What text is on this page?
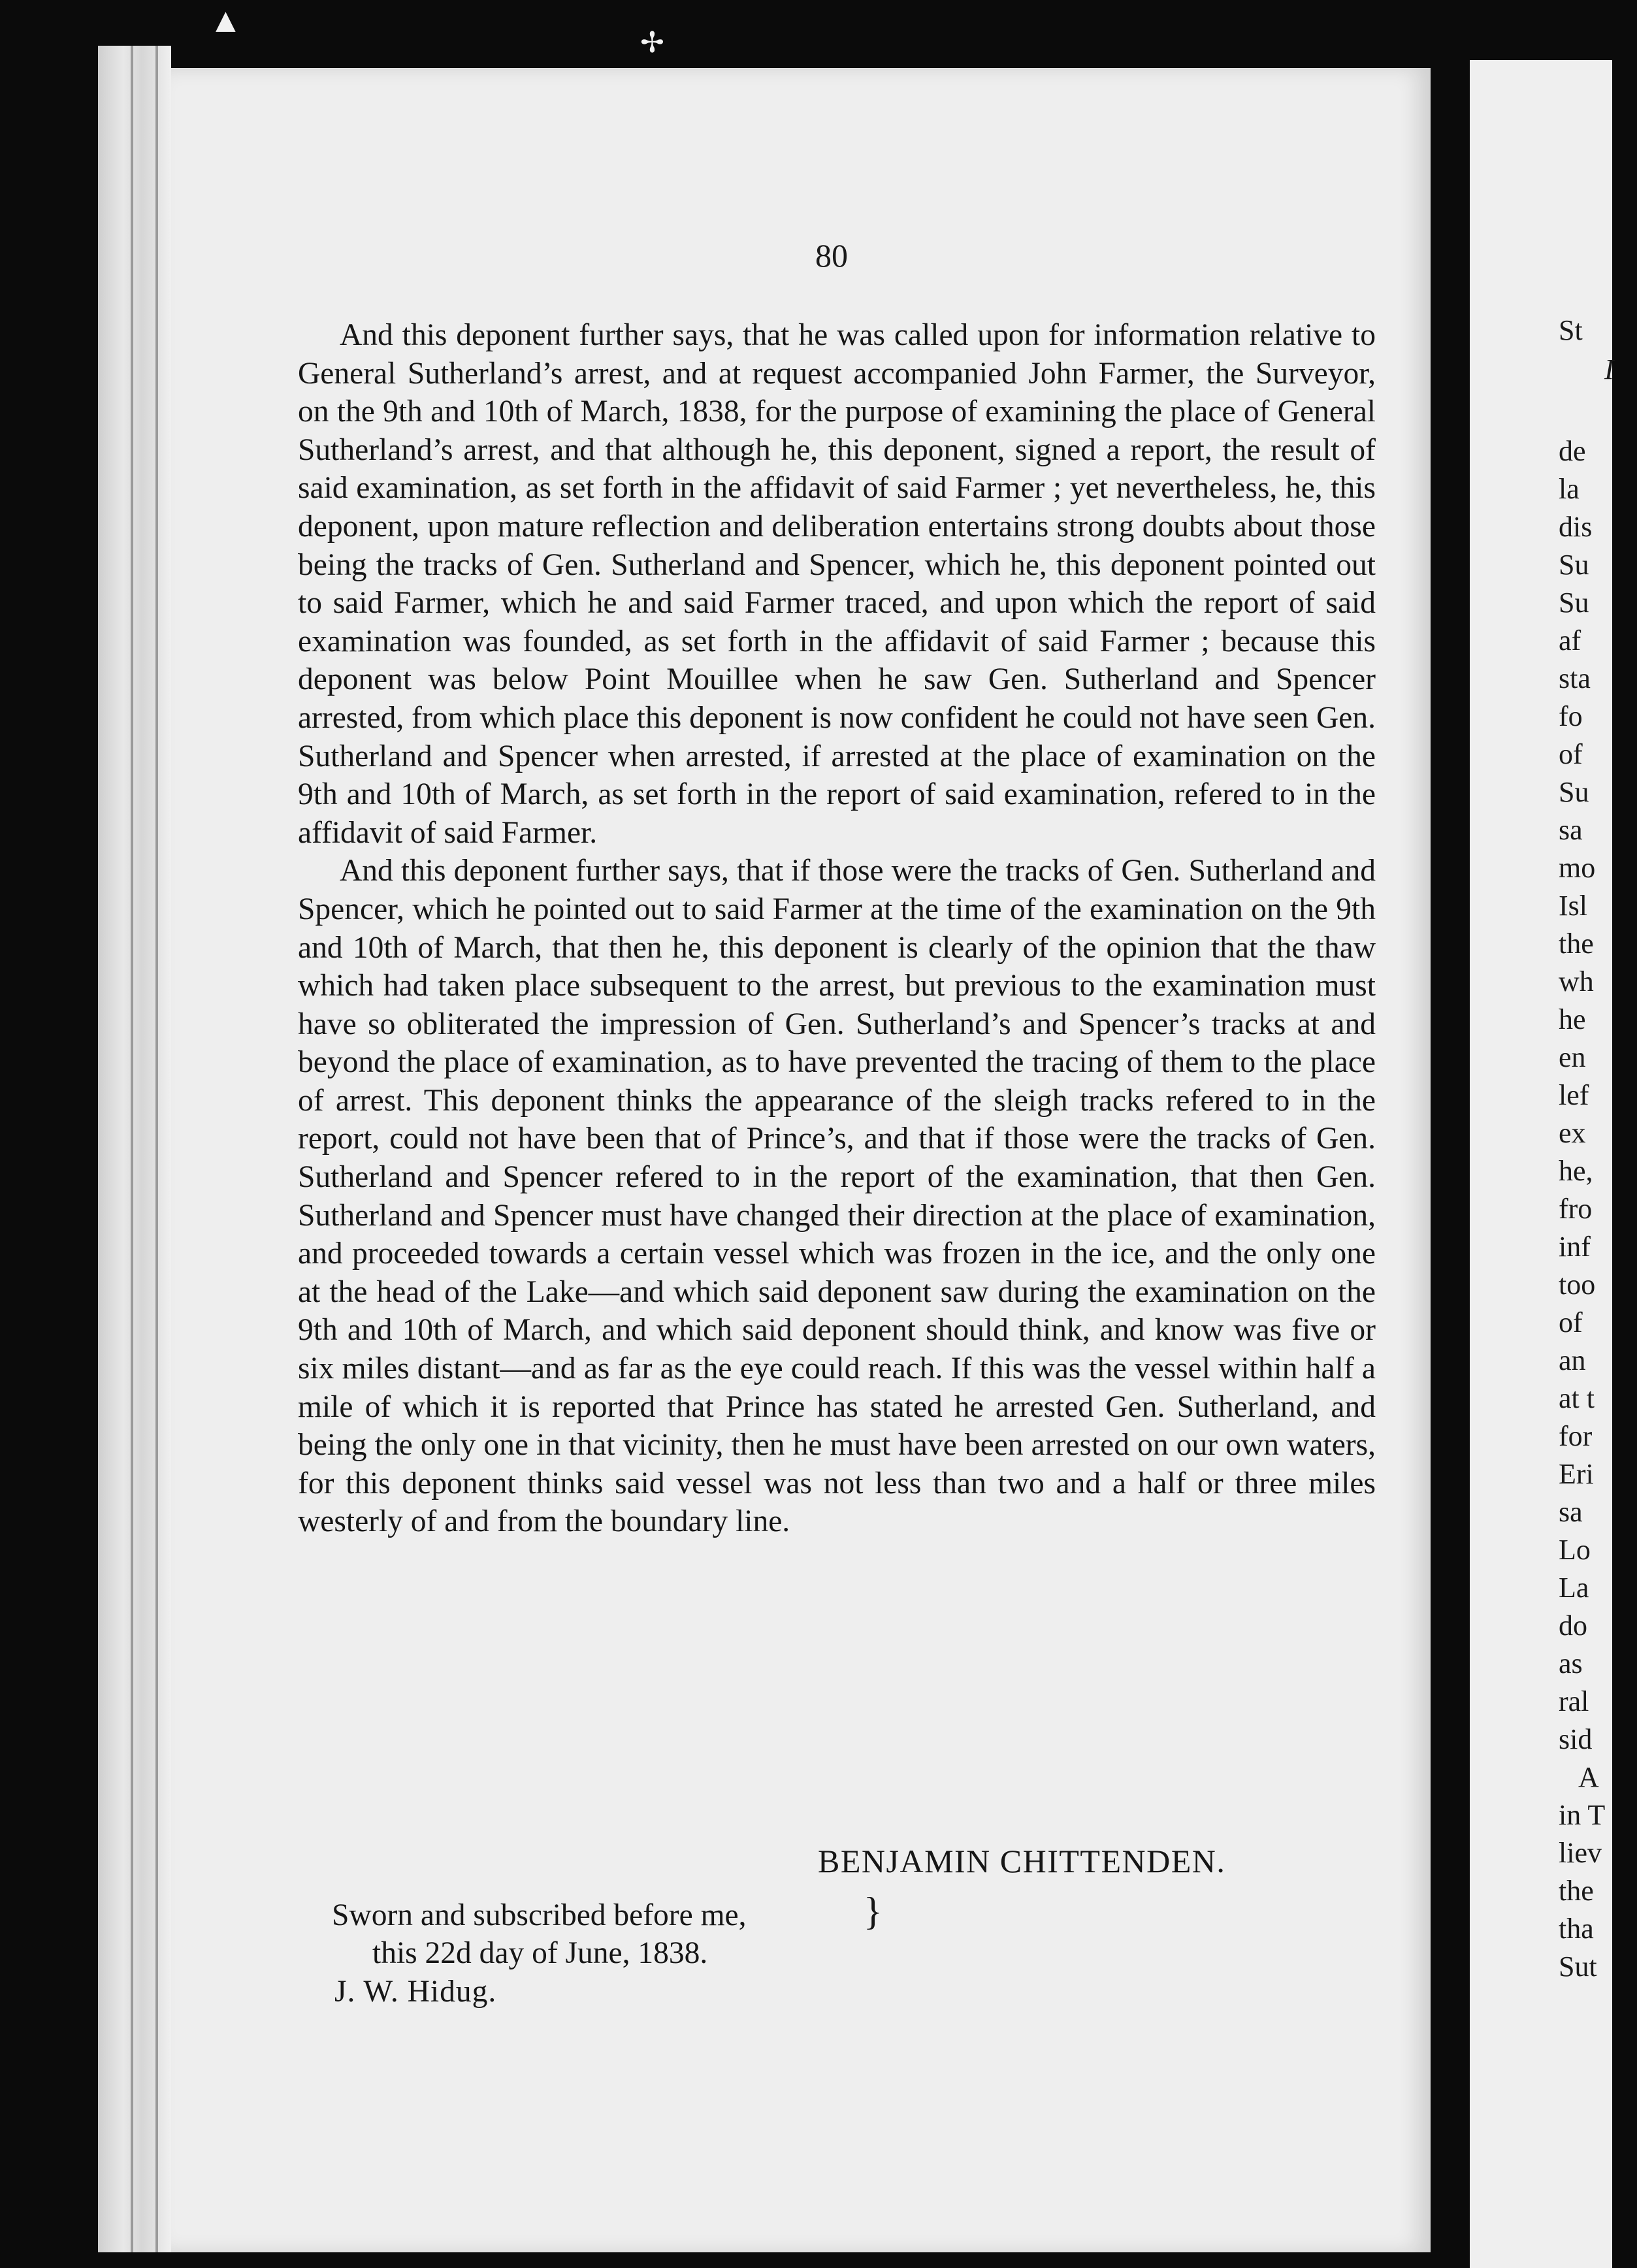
▲
✢
80

And this deponent further says, that he was called upon for information relative to General Sutherland’s arrest, and at request accompanied John Farmer, the Surveyor, on the 9th and 10th of March, 1838, for the purpose of examining the place of General Sutherland’s arrest, and that although he, this deponent, signed a report, the result of said examination, as set forth in the affidavit of said Farmer ; yet nevertheless, he, this deponent, upon mature reflection and deliberation entertains strong doubts about those being the tracks of Gen. Sutherland and Spencer, which he, this deponent pointed out to said Farmer, which he and said Farmer traced, and upon which the report of said examination was founded, as set forth in the affidavit of said Farmer ; because this deponent was below Point Mouillee when he saw Gen. Sutherland and Spencer arrested, from which place this deponent is now confident he could not have seen Gen. Sutherland and Spencer when arrested, if arrested at the place of examination on the 9th and 10th of March, as set forth in the report of said examination, refered to in the affidavit of said Farmer.

And this deponent further says, that if those were the tracks of Gen. Sutherland and Spencer, which he pointed out to said Farmer at the time of the examination on the 9th and 10th of March, that then he, this deponent is clearly of the opinion that the thaw which had taken place subsequent to the arrest, but previous to the examination must have so obliterated the impression of Gen. Sutherland’s and Spencer’s tracks at and beyond the place of examination, as to have prevented the tracing of them to the place of arrest. This deponent thinks the appearance of the sleigh tracks refered to in the report, could not have been that of Prince’s, and that if those were the tracks of Gen. Sutherland and Spencer refered to in the report of the examination, that then Gen. Sutherland and Spencer must have changed their direction at the place of examination, and proceeded towards a certain vessel which was frozen in the ice, and the only one at the head of the Lake—and which said deponent saw during the examination on the 9th and 10th of March, and which said deponent should think, and know was five or six miles distant—and as far as the eye could reach. If this was the vessel within half a mile of which it is reported that Prince has stated he arrested Gen. Sutherland, and being the only one in that vicinity, then he must have been arrested on our own waters, for this deponent thinks said vessel was not less than two and a half or three miles westerly of and from the boundary line.

BENJAMIN CHITTENDEN.
Sworn and subscribed before me,
this 22d day of June, 1838.
}
J. W. Hidug.
St
I
de
la
dis
Su
Su
af
sta
fo
of
Su
sa
mo
Isl
the
wh
he
en
lef
ex
he,
fro
inf
too
of
an
at t
for
Eri
sa
Lo
La
do
as
ral
sid
A
in T
liev
the
tha
Sut
